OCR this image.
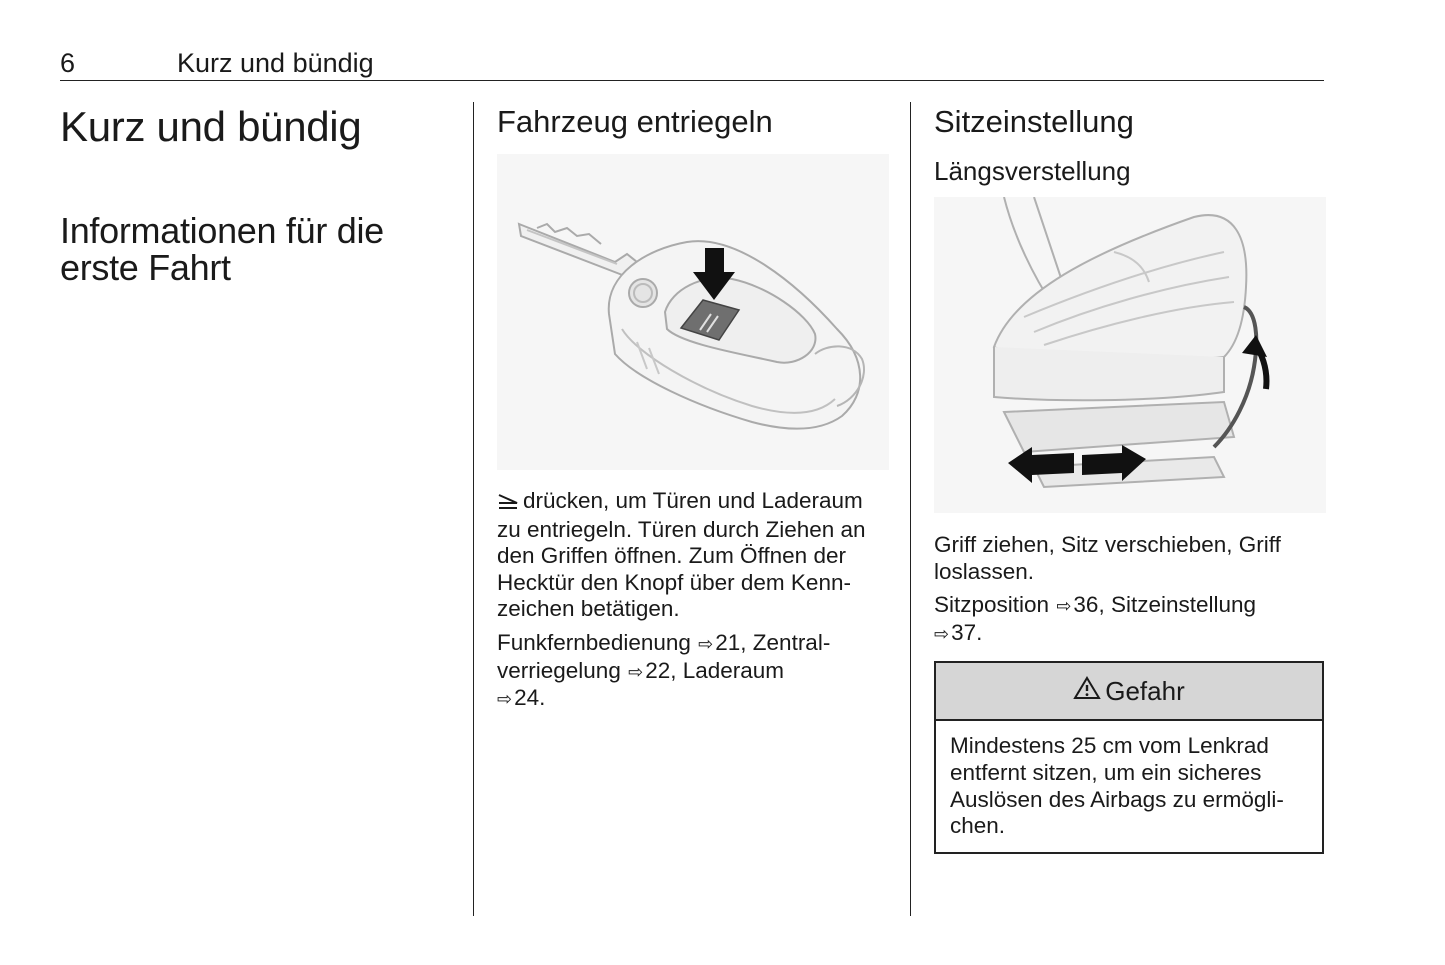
6	Kurz und bündig
Kurz und bündig
Informationen für die
erste Fahrt
Fahrzeug entriegeln

drücken, um Türen und Laderaum
zu entriegeln. Türen durch Ziehen an
den Griffen öffnen. Zum Öffnen der
Hecktür den Knopf über dem Kenn-
zeichen betätigen.

Funkfernbedienung ⇨21, Zentral-
verriegelung ⇨22, Laderaum
⇨24.

Sitzeinstellung
Längsverstellung

Griff ziehen, Sitz verschieben, Griff
loslassen.

Sitzposition ⇨36, Sitzeinstellung
⇨37.

Gefahr
Mindestens 25 cm vom Lenkrad
entfernt sitzen, um ein sicheres
Auslösen des Airbags zu ermögli-
chen.
